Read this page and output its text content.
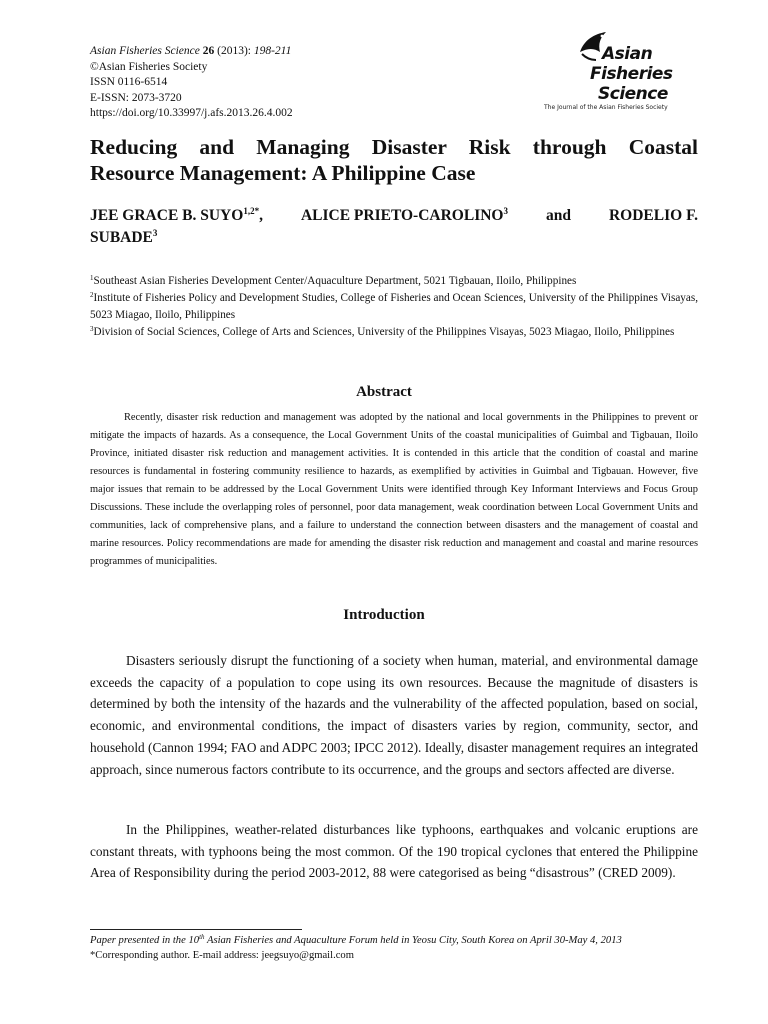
Asian Fisheries Science 26 (2013): 198-211
©Asian Fisheries Society
ISSN 0116-6514
E-ISSN: 2073-3720
https://doi.org/10.33997/j.afs.2013.26.4.002
Asian
Fisheries
Science
The Journal of the Asian Fisheries Society
Reducing and Managing Disaster Risk through Coastal
Resource Management: A Philippine Case
JEE GRACE B. $SUYO^{1,2*}$, ALICE PRIETO-CAROLINO$^3$ and RODELIO F.
SUBADE$^3$

$^1$Southeast Asian Fisheries Development Center/Aquaculture Department, 5021 Tigbauan, Iloilo, Philippines

$^2$Institute of Fisheries Policy and Development Studies, College of Fisheries and Ocean Sciences, University of the Philippines Visayas, 5023 Miagao, Iloilo, Philippines

$^3$Division of Social Sciences, College of Arts and Sciences, University of the Philippines Visayas, 5023 Miagao, Iloilo, Philippines

Abstract

Recently, disaster risk reduction and management was adopted by the national and local governments in the Philippines to prevent or mitigate the impacts of hazards. As a consequence, the Local Government Units of the coastal municipalities of Guimbal and Tigbauan, Iloilo Province, initiated disaster risk reduction and management activities. It is contended in this article that the condition of coastal and marine resources is fundamental in fostering community resilience to hazards, as exemplified by activities in Guimbal and Tigbauan. However, five major issues that remain to be addressed by the Local Government Units were identified through Key Informant Interviews and Focus Group Discussions. These include the overlapping roles of personnel, poor data management, weak coordination between Local Government Units and communities, lack of comprehensive plans, and a failure to understand the connection between disasters and the management of coastal and marine resources. Policy recommendations are made for amending the disaster risk reduction and management and coastal and marine resources programmes of municipalities.

Introduction

Disasters seriously disrupt the functioning of a society when human, material, and environmental damage exceeds the capacity of a population to cope using its own resources. Because the magnitude of disasters is determined by both the intensity of the hazards and the vulnerability of the affected population, based on social, economic, and environmental conditions, the impact of disasters varies by region, community, sector, and household (Cannon 1994; FAO and ADPC 2003; IPCC 2012). Ideally, disaster management requires an integrated approach, since numerous factors contribute to its occurrence, and the groups and sectors affected are diverse.

In the Philippines, weather-related disturbances like typhoons, earthquakes and volcanic eruptions are constant threats, with typhoons being the most common. Of the 190 tropical cyclones that entered the Philippine Area of Responsibility during the period 2003-2012, 88 were categorised as being “disastrous” (CRED 2009).

Paper presented in the 10th Asian Fisheries and Aquaculture Forum held in Yeosu City, South Korea on April 30-May 4, 2013

*Corresponding author. E-mail address: jeegsuyo@gmail.com
